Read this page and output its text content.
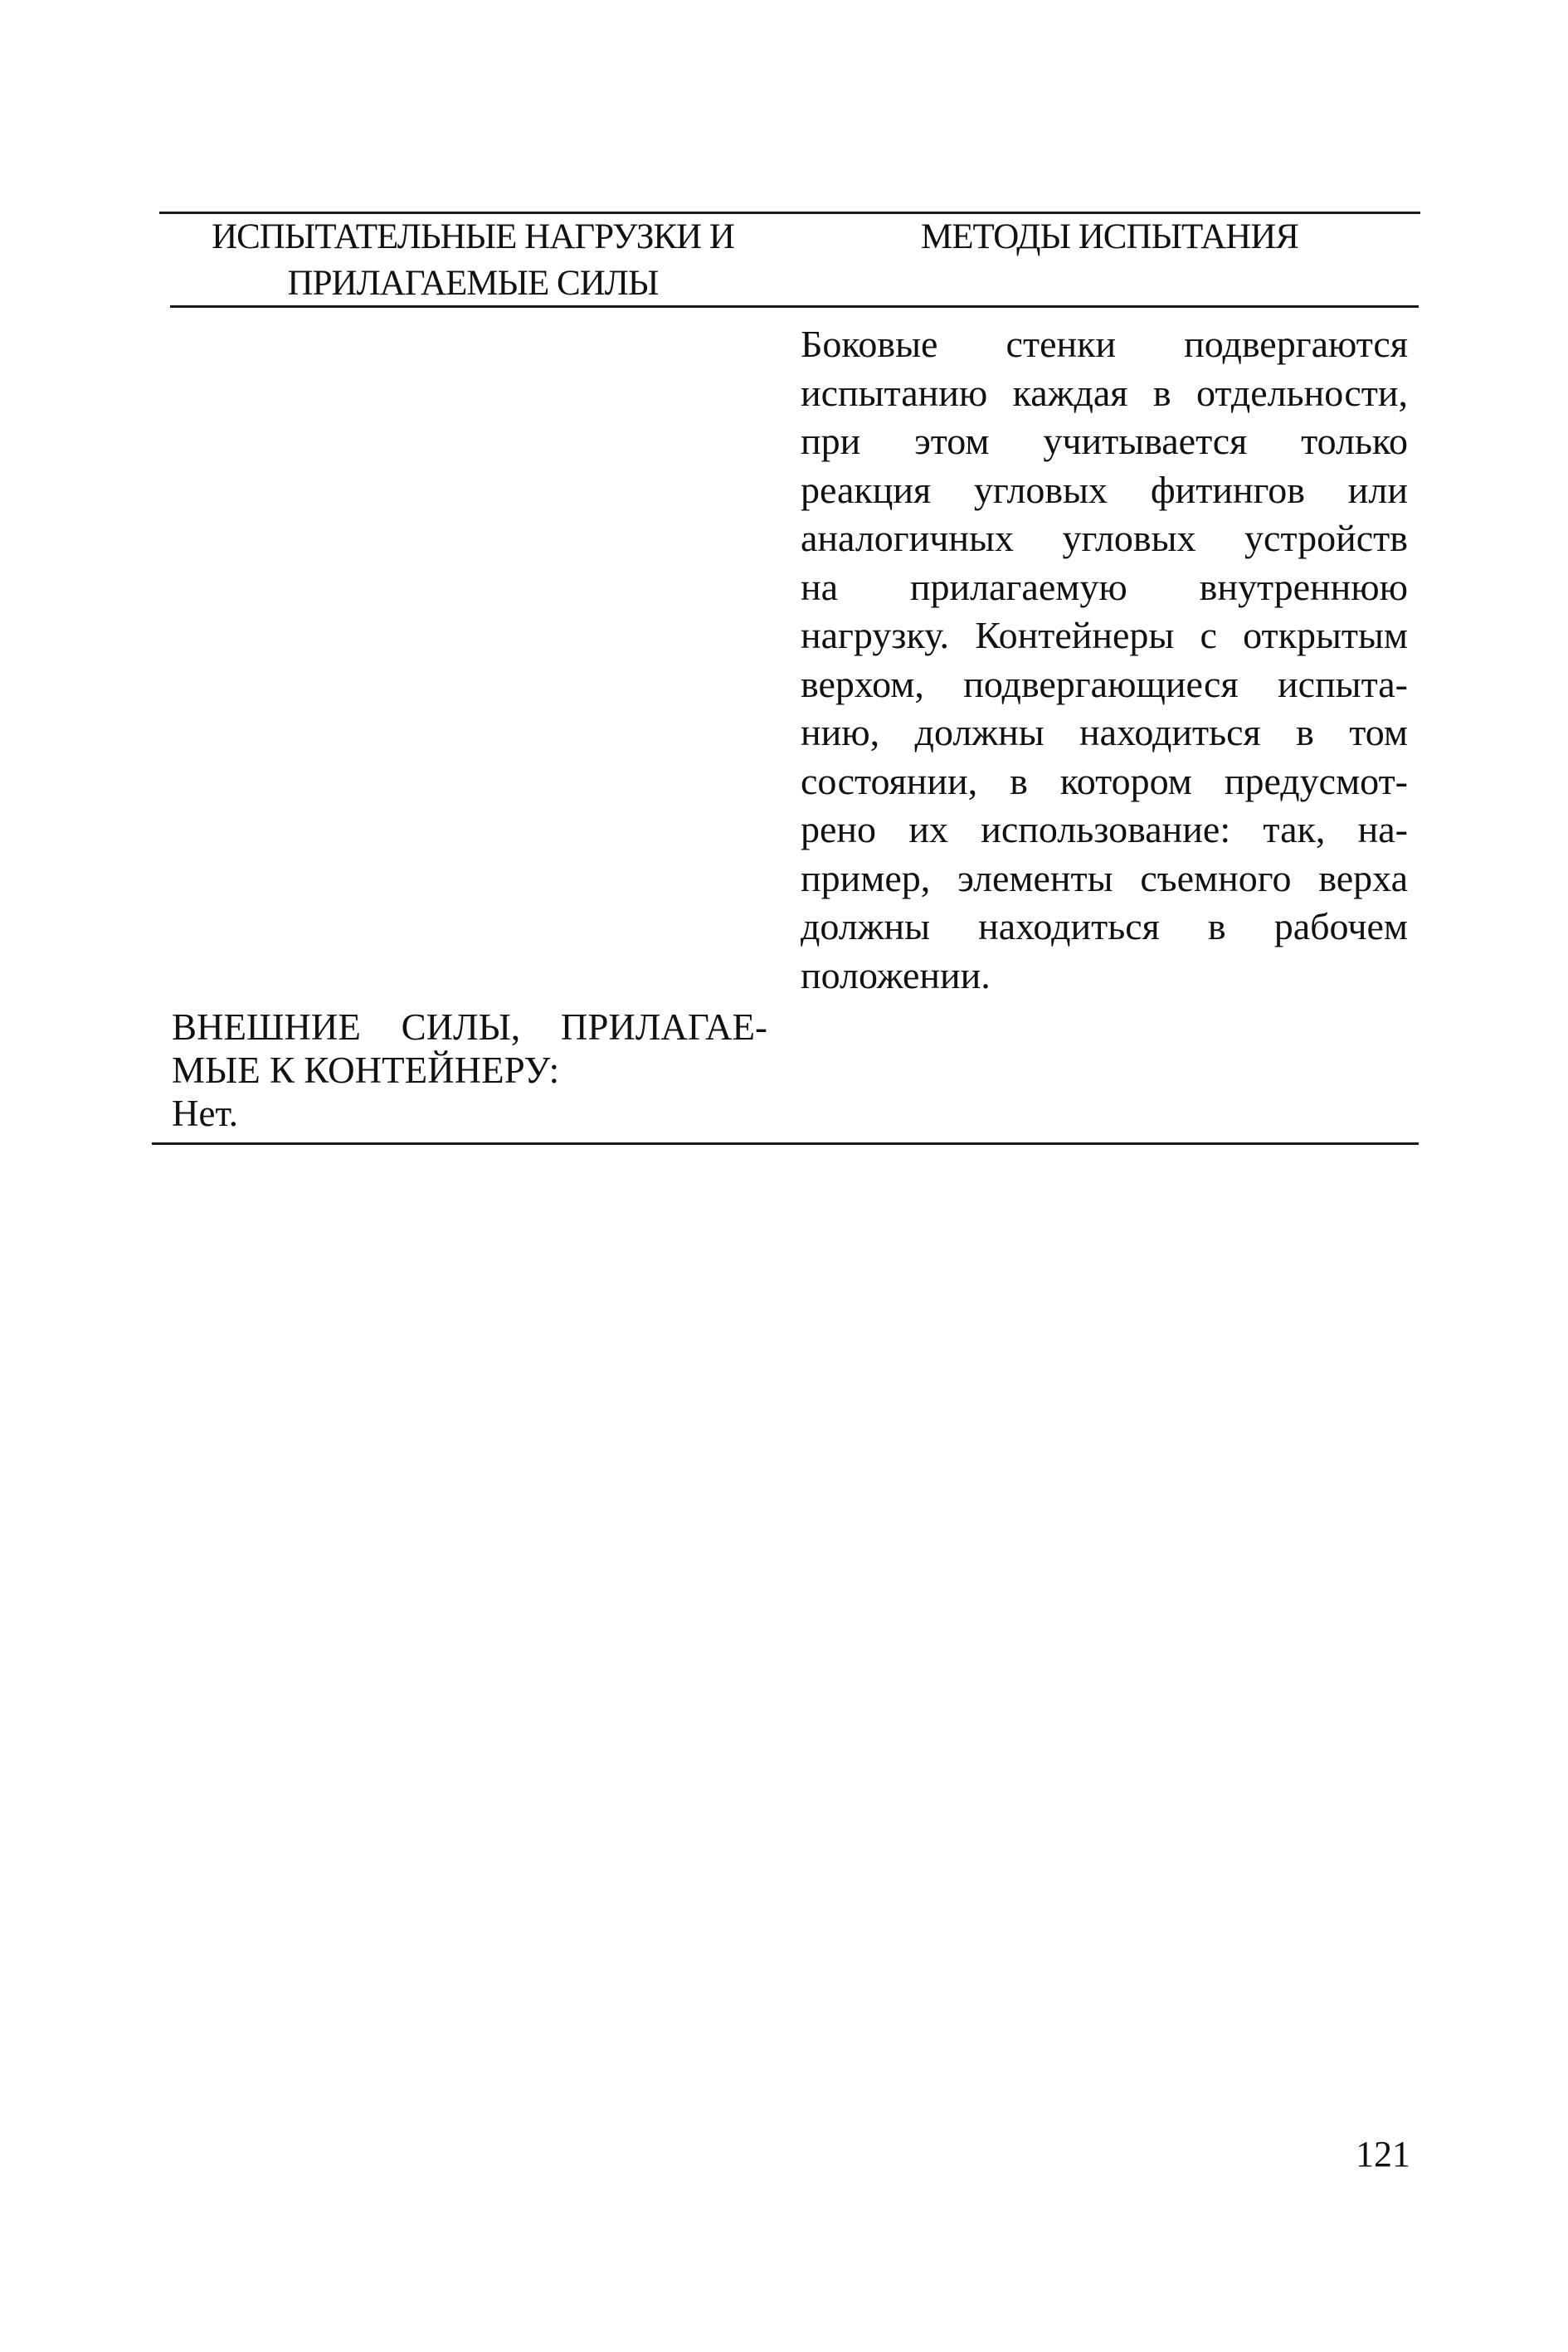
ИСПЫТАТЕЛЬНЫЕ НАГРУЗКИ И ПРИЛАГАЕМЫЕ СИЛЫ
МЕТОДЫ ИСПЫТАНИЯ
Боковые стенки подвергаются
испытанию каждая в отдельности,
при этом учитывается только
реакция угловых фитингов или
аналогичных угловых устройств
на прилагаемую внутреннюю
нагрузку. Контейнеры с открытым
верхом, подвергающиеся испыта-
нию, должны находиться в том
состоянии, в котором предусмот-
рено их использование: так, на-
пример, элементы съемного верха
должны находиться в рабочем
положении.
ВНЕШНИЕ СИЛЫ, ПРИЛАГАЕ-
МЫЕ К КОНТЕЙНЕРУ:
Нет.
121
